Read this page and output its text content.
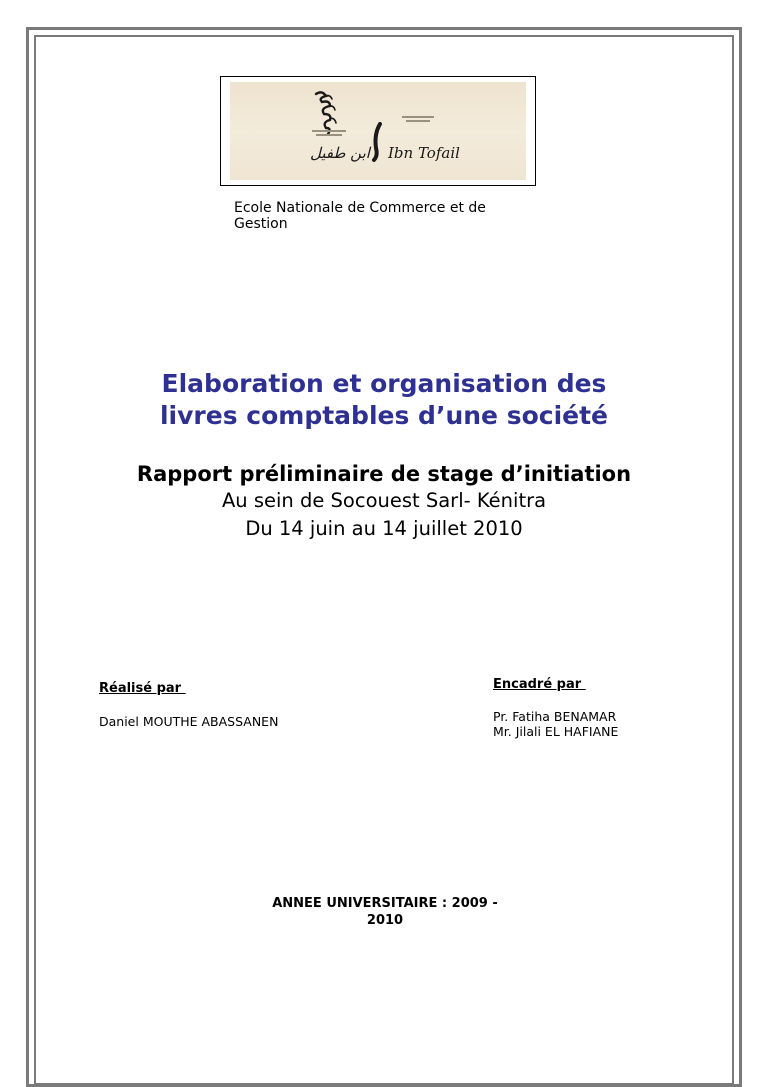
ابن طفيل Ibn Tofail
Ecole Nationale de Commerce et de Gestion
Elaboration et organisation des
livres comptables d’une société
Rapport préliminaire de stage d’initiation
Au sein de Socouest Sarl- Kénitra
Du 14 juin au 14 juillet 2010
Réalisé par
Daniel MOUTHE ABASSANEN
Encadré par
Pr. Fatiha BENAMAR
Mr. Jilali EL HAFIANE
ANNEE UNIVERSITAIRE : 2009 -
2010
